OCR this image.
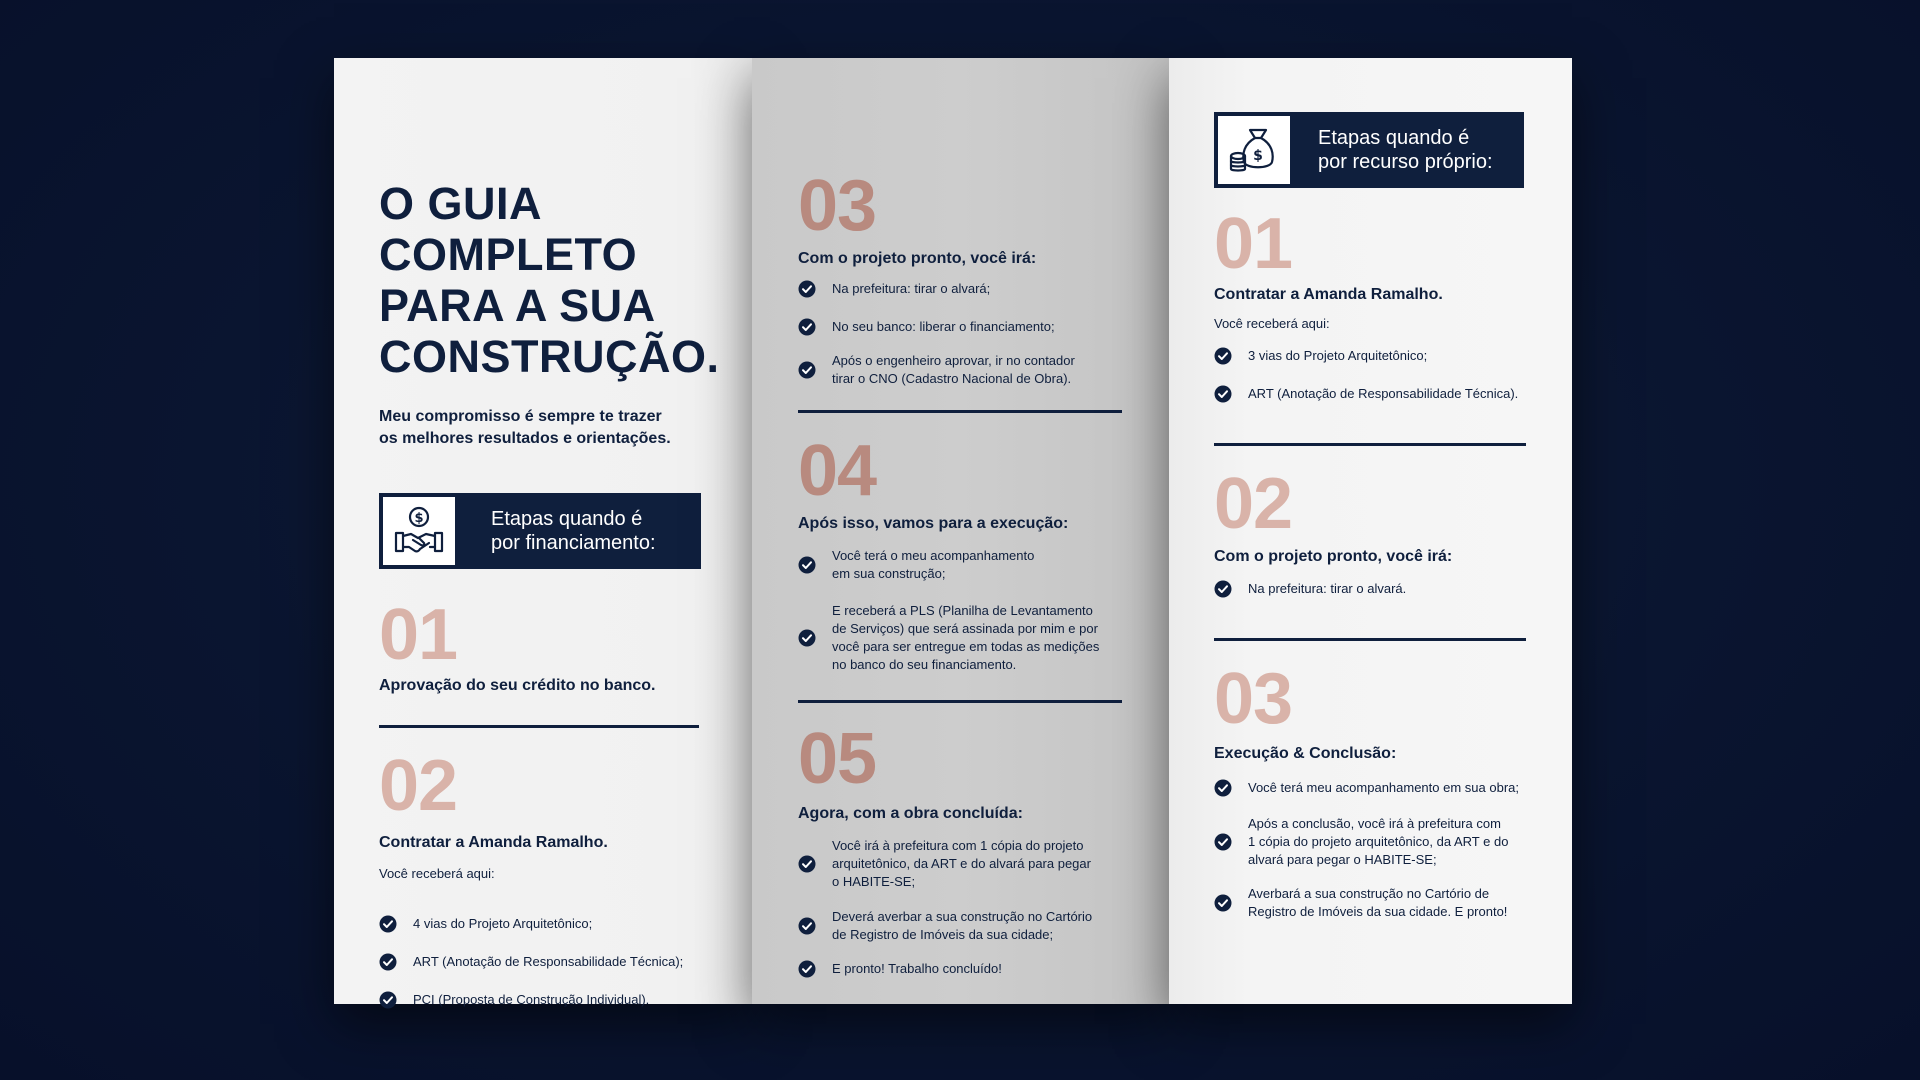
O GUIA
COMPLETO
PARA A SUA
CONSTRUÇÃO.
Meu compromisso é sempre te trazer
os melhores resultados e orientações.
$	Etapas quando é
por financiamento:
01
Aprovação do seu crédito no banco.
02
Contratar a Amanda Ramalho.
Você receberá aqui:
4 vias do Projeto Arquitetônico;
ART (Anotação de Responsabilidade Técnica);
PCI (Proposta de Construção Individual).
03
Com o projeto pronto, você irá:
Na prefeitura: tirar o alvará;
No seu banco: liberar o financiamento;
Após o engenheiro aprovar, ir no contador
tirar o CNO (Cadastro Nacional de Obra).
04
Após isso, vamos para a execução:
Você terá o meu acompanhamento
em sua construção;
E receberá a PLS (Planilha de Levantamento
de Serviços) que será assinada por mim e por
você para ser entregue em todas as medições
no banco do seu financiamento.
05
Agora, com a obra concluída:
Você irá à prefeitura com 1 cópia do projeto
arquitetônico, da ART e do alvará para pegar
o HABITE-SE;
Deverá averbar a sua construção no Cartório
de Registro de Imóveis da sua cidade;
E pronto! Trabalho concluído!
$
Etapas quando é
por recurso próprio:
01
Contratar a Amanda Ramalho.
Você receberá aqui:
3 vias do Projeto Arquitetônico;
ART (Anotação de Responsabilidade Técnica).
02
Com o projeto pronto, você irá:
Na prefeitura: tirar o alvará.
03
Execução & Conclusão:
Você terá meu acompanhamento em sua obra;
Após a conclusão, você irá à prefeitura com
1 cópia do projeto arquitetônico, da ART e do
alvará para pegar o HABITE-SE;
Averbará a sua construção no Cartório de
Registro de Imóveis da sua cidade. E pronto!
